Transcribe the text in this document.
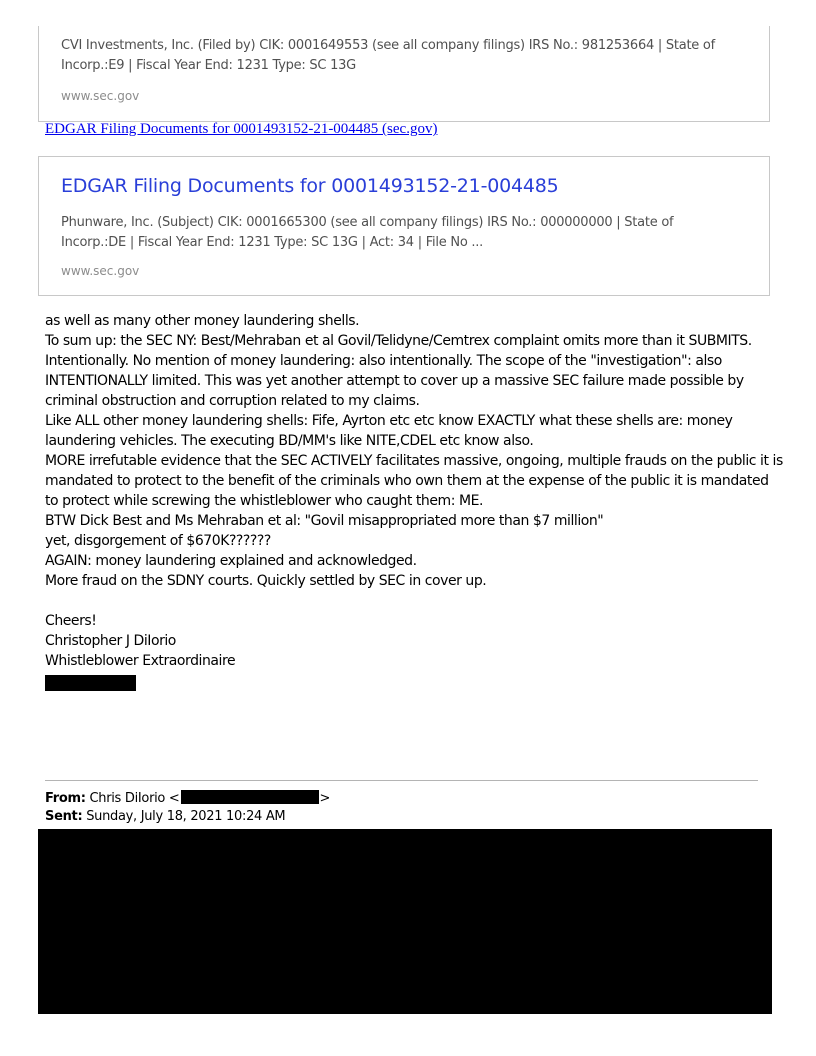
CVI Investments, Inc. (Filed by) CIK: 0001649553 (see all company filings) IRS No.: 981253664 | State of Incorp.:E9 | Fiscal Year End: 1231 Type: SC 13G
www.sec.gov
EDGAR Filing Documents for 0001493152-21-004485 (sec.gov)
EDGAR Filing Documents for 0001493152-21-004485
Phunware, Inc. (Subject) CIK: 0001665300 (see all company filings) IRS No.: 000000000 | State of Incorp.:DE | Fiscal Year End: 1231 Type: SC 13G | Act: 34 | File No ...
www.sec.gov

as well as many other money laundering shells.

To sum up: the SEC NY: Best/Mehraban et al Govil/Telidyne/Cemtrex complaint omits more than it SUBMITS. Intentionally. No mention of money laundering: also intentionally. The scope of the "investigation": also INTENTIONALLY limited. This was yet another attempt to cover up a massive SEC failure made possible by criminal obstruction and corruption related to my claims.

Like ALL other money laundering shells: Fife, Ayrton etc etc know EXACTLY what these shells are: money laundering vehicles. The executing BD/MM's like NITE,CDEL etc know also.

MORE irrefutable evidence that the SEC ACTIVELY facilitates massive, ongoing, multiple frauds on the public it is mandated to protect to the benefit of the criminals who own them at the expense of the public it is mandated to protect while screwing the whistleblower who caught them: ME.

BTW Dick Best and Ms Mehraban et al: "Govil misappropriated more than $7 million"

yet, disgorgement of $670K??????

AGAIN: money laundering explained and acknowledged.

More fraud on the SDNY courts. Quickly settled by SEC in cover up.

Cheers!

Christopher J DiIorio

Whistleblower Extraordinaire

From: Chris DiIorio <	>
Sent: Sunday, July 18, 2021 10:24 AM
